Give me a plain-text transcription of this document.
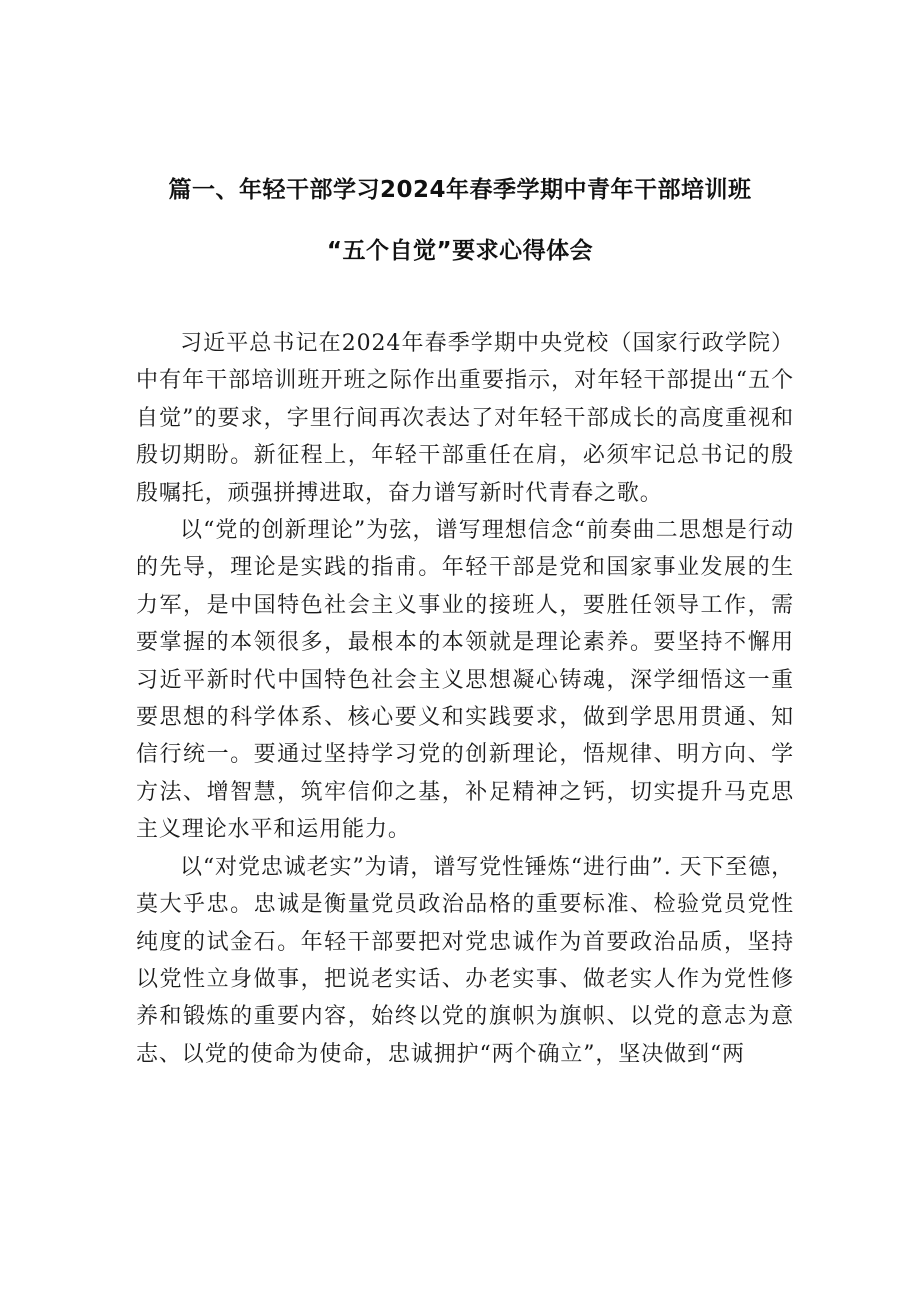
篇一、年轻干部学习2024年春季学期中青年干部培训班
“五个自觉”要求心得体会

习近平总书记在2024年春季学期中央党校（国家行政学院）中有年干部培训班开班之际作出重要指示，对年轻干部提出“五个自觉”的要求，字里行间再次表达了对年轻干部成长的高度重视和殷切期盼。新征程上，年轻干部重任在肩，必须牢记总书记的殷殷嘱托，顽强拼搏进取，奋力谱写新时代青春之歌。

以“党的创新理论”为弦，谱写理想信念“前奏曲二思想是行动的先导，理论是实践的指甫。年轻干部是党和国家事业发展的生力军，是中国特色社会主义事业的接班人，要胜任领导工作，需要掌握的本领很多，最根本的本领就是理论素养。要坚持不懈用习近平新时代中国特色社会主义思想凝心铸魂，深学细悟这一重要思想的科学体系、核心要义和实践要求，做到学思用贯通、知信行统一。要通过坚持学习党的创新理论，悟规律、明方向、学方法、增智慧，筑牢信仰之基，补足精神之钙，切实提升马克思主义理论水平和运用能力。

以“对党忠诚老实”为请，谱写党性锤炼“进行曲”. 天下至德，莫大乎忠。忠诚是衡量党员政治品格的重要标准、检验党员党性纯度的试金石。年轻干部要把对党忠诚作为首要政治品质，坚持以党性立身做事，把说老实话、办老实事、做老实人作为党性修养和锻炼的重要内容，始终以党的旗帜为旗帜、以党的意志为意志、以党的使命为使命，忠诚拥护“两个确立”，坚决做到“两
